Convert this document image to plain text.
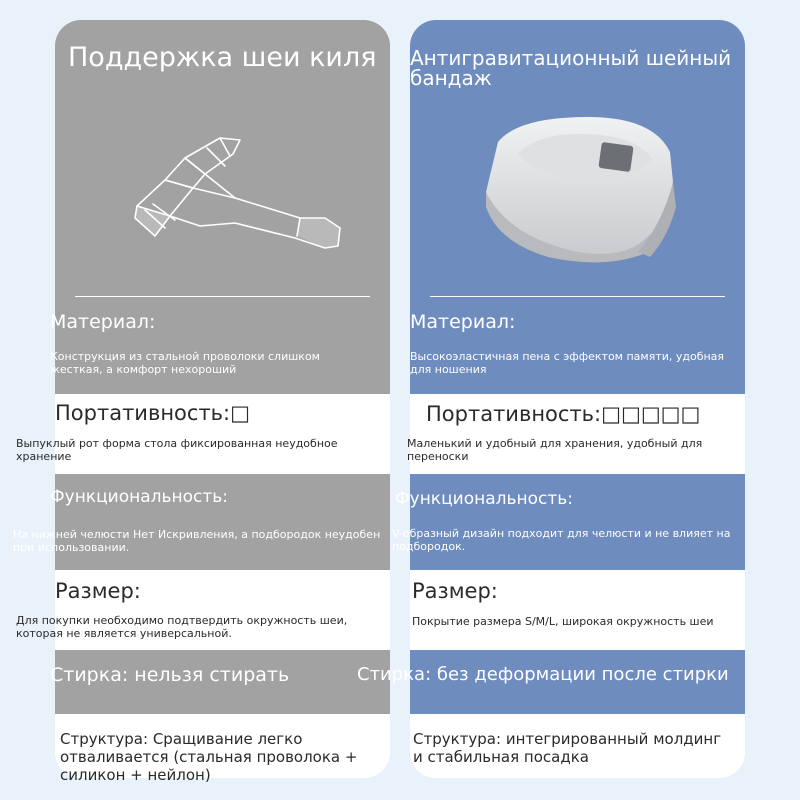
Поддержка шеи киля
Материал:
Конструкция из стальной проволоки слишком жесткая, а комфорт нехороший
Портативность:□
Выпуклый рот форма стола фиксированная неудобное хранение
Функциональность:
На нижней челюсти Нет Искривления, а подбородок неудобен при использовании.
Размер:
Для покупки необходимо подтвердить окружность шеи, которая не является универсальной.
Стирка: нельзя стирать
Структура: Сращивание легко отваливается (стальная проволока + силикон + нейлон)
Антигравитационный шейный бандаж
Материал:
Высокоэластичная пена с эффектом памяти, удобная для ношения
Портативность:□□□□□
Маленький и удобный для хранения, удобный для переноски
Функциональность:
V-образный дизайн подходит для челюсти и не влияет на подбородок.
Размер:
Покрытие размера S/M/L, широкая окружность шеи
Стирка: без деформации после стирки
Структура: интегрированный молдинг и стабильная посадка
